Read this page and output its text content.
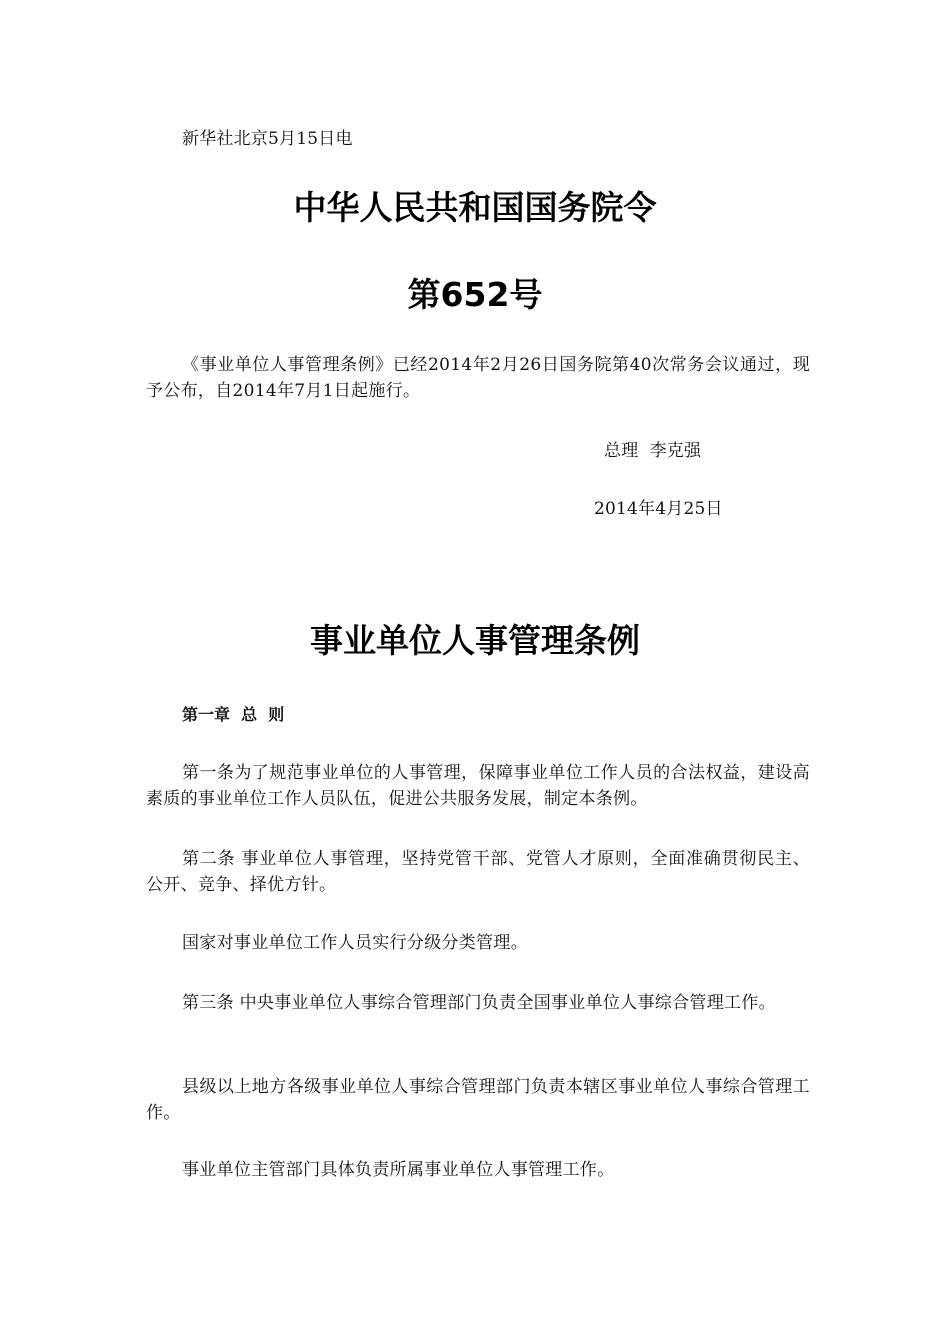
新华社北京5月15日电
中华人民共和国国务院令
第652号
《事业单位人事管理条例》已经2014年2月26日国务院第40次常务会议通过，现予公布，自2014年7月1日起施行。
总理  李克强
2014年4月25日
事业单位人事管理条例
第一章  总  则
第一条为了规范事业单位的人事管理，保障事业单位工作人员的合法权益，建设高素质的事业单位工作人员队伍，促进公共服务发展，制定本条例。
第二条 事业单位人事管理，坚持党管干部、党管人才原则，全面准确贯彻民主、公开、竞争、择优方针。
国家对事业单位工作人员实行分级分类管理。
第三条 中央事业单位人事综合管理部门负责全国事业单位人事综合管理工作。
县级以上地方各级事业单位人事综合管理部门负责本辖区事业单位人事综合管理工作。
事业单位主管部门具体负责所属事业单位人事管理工作。
